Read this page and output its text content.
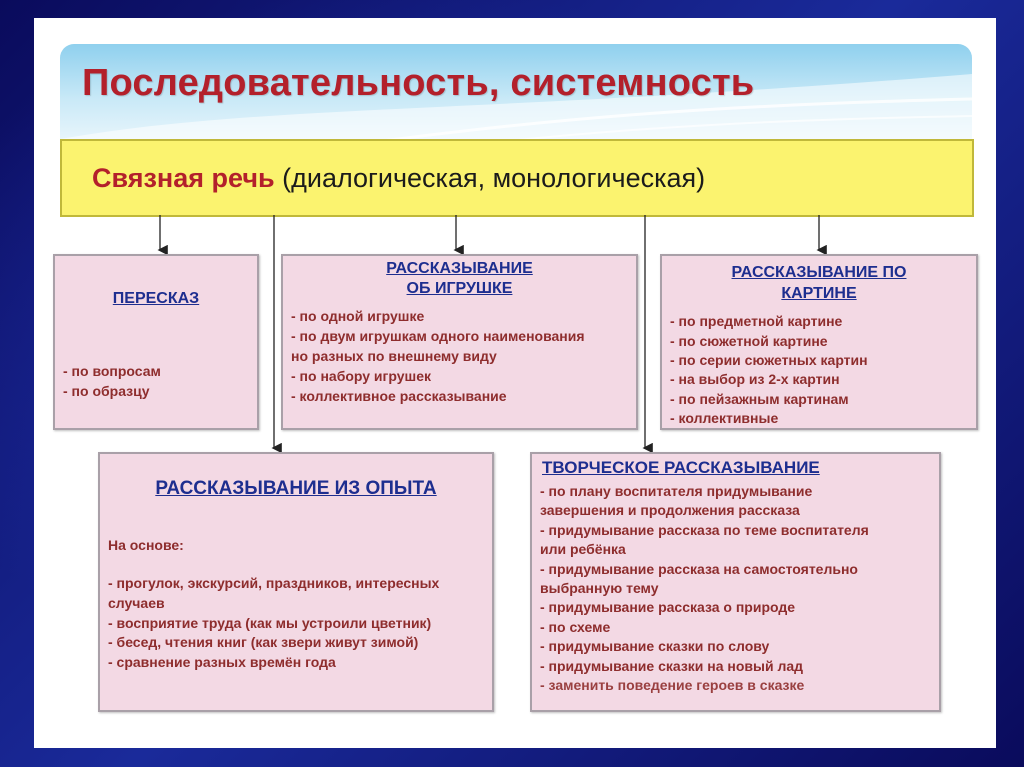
Последовательность, системность
Связная речь (диалогическая, монологическая)
ПЕРЕСКАЗ
- по вопросам
- по образцу
РАССКАЗЫВАНИЕ
ОБ ИГРУШКЕ
- по одной игрушке
- по двум игрушкам одного наименования
но разных по внешнему виду
- по набору игрушек
- коллективное рассказывание
РАССКАЗЫВАНИЕ ПО
КАРТИНЕ
- по предметной картине
- по сюжетной картине
- по серии сюжетных картин
- на выбор из 2-х картин
- по пейзажным картинам
- коллективные
РАССКАЗЫВАНИЕ ИЗ ОПЫТА
На основе:
- прогулок, экскурсий, праздников, интересных
случаев
- восприятие труда (как мы устроили цветник)
- бесед, чтения книг (как звери живут зимой)
- сравнение разных времён года
ТВОРЧЕСКОЕ РАССКАЗЫВАНИЕ
- по плану воспитателя придумывание
завершения и продолжения рассказа
- придумывание рассказа по теме воспитателя
или ребёнка
- придумывание рассказа на самостоятельно
выбранную тему
- придумывание рассказа о природе
- по схеме
- придумывание сказки по слову
- придумывание сказки на новый лад
- заменить поведение героев в сказке
